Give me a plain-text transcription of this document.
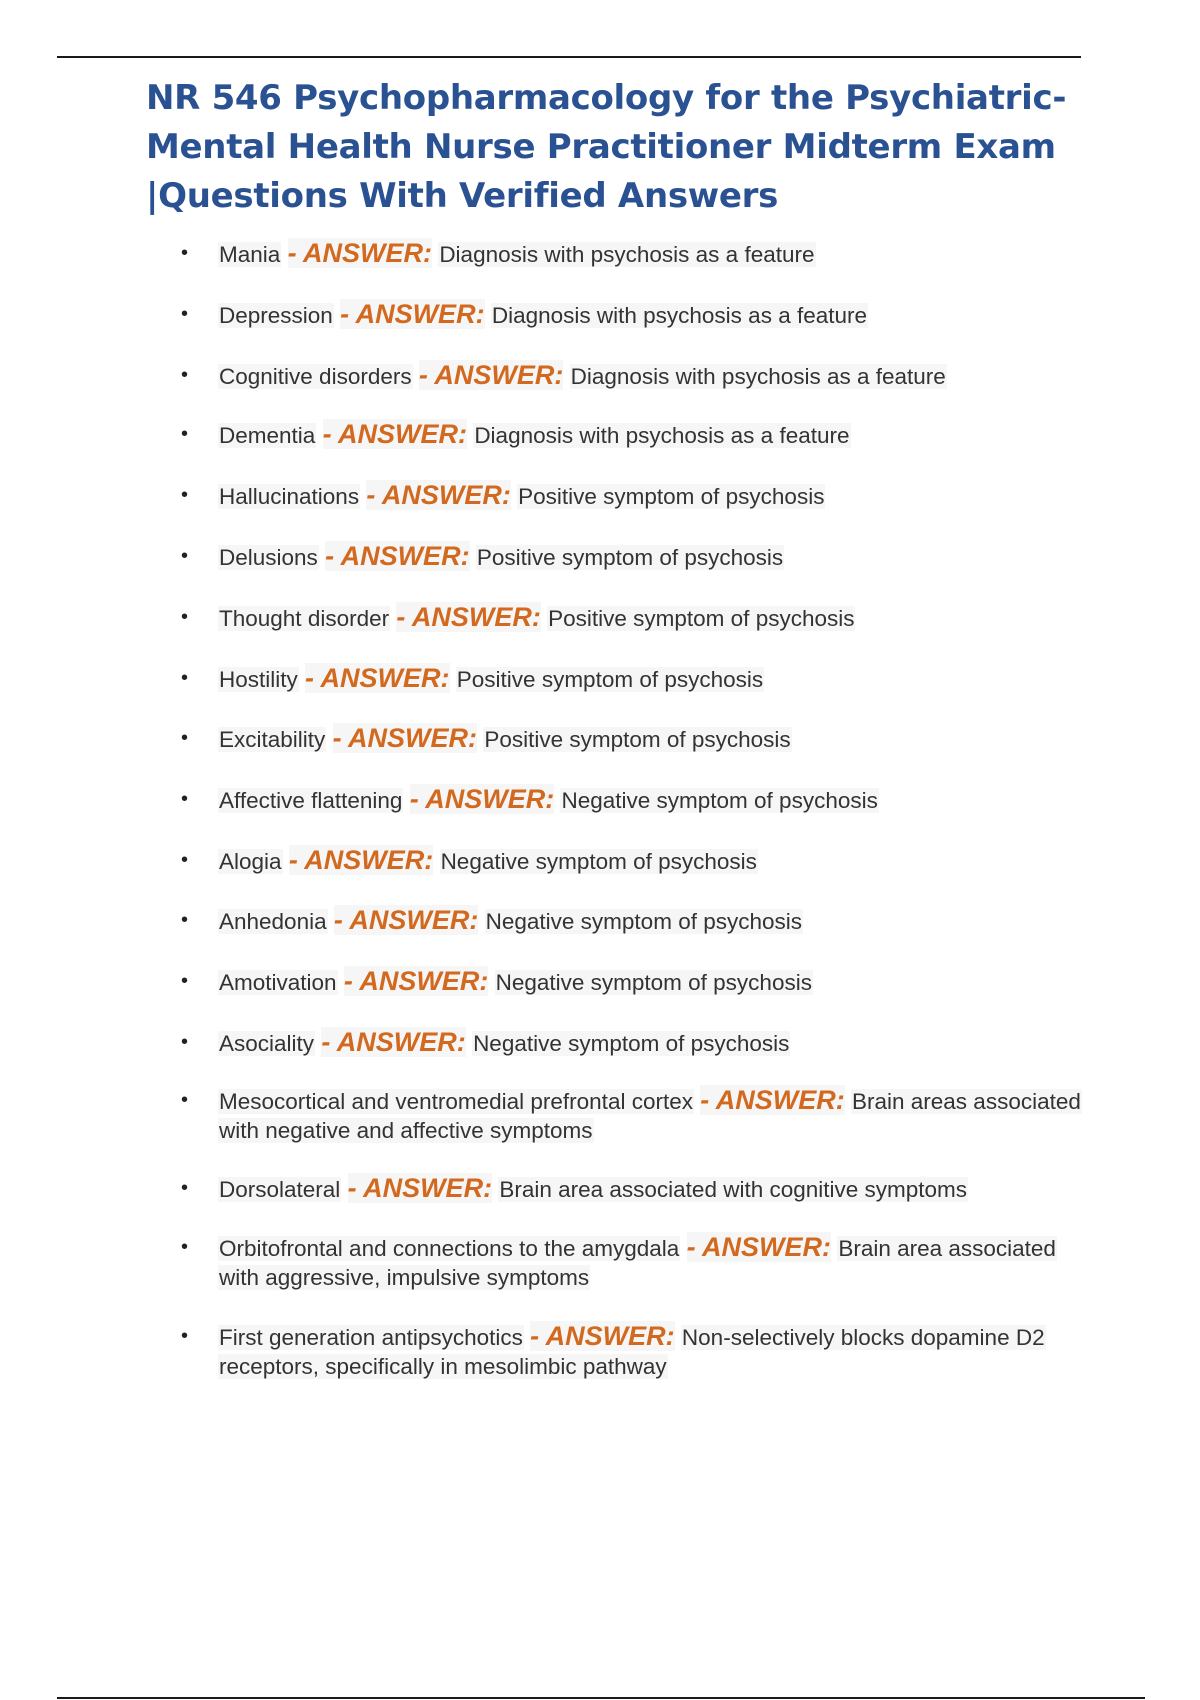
NR 546 Psychopharmacology for the Psychiatric-
Mental Health Nurse Practitioner Midterm Exam
|Questions With Verified Answers
• Mania - ANSWER: Diagnosis with psychosis as a feature
• Depression - ANSWER: Diagnosis with psychosis as a feature
• Cognitive disorders - ANSWER: Diagnosis with psychosis as a feature
• Dementia - ANSWER: Diagnosis with psychosis as a feature
• Hallucinations - ANSWER: Positive symptom of psychosis
• Delusions - ANSWER: Positive symptom of psychosis
• Thought disorder - ANSWER: Positive symptom of psychosis
• Hostility - ANSWER: Positive symptom of psychosis
• Excitability - ANSWER: Positive symptom of psychosis
• Affective flattening - ANSWER: Negative symptom of psychosis
• Alogia - ANSWER: Negative symptom of psychosis
• Anhedonia - ANSWER: Negative symptom of psychosis
• Amotivation - ANSWER: Negative symptom of psychosis
• Asociality - ANSWER: Negative symptom of psychosis
• Mesocortical and ventromedial prefrontal cortex - ANSWER: Brain areas associated with negative and affective symptoms
• Dorsolateral - ANSWER: Brain area associated with cognitive symptoms
• Orbitofrontal and connections to the amygdala - ANSWER: Brain area associated with aggressive, impulsive symptoms
• First generation antipsychotics - ANSWER: Non-selectively blocks dopamine D2 receptors, specifically in mesolimbic pathway
